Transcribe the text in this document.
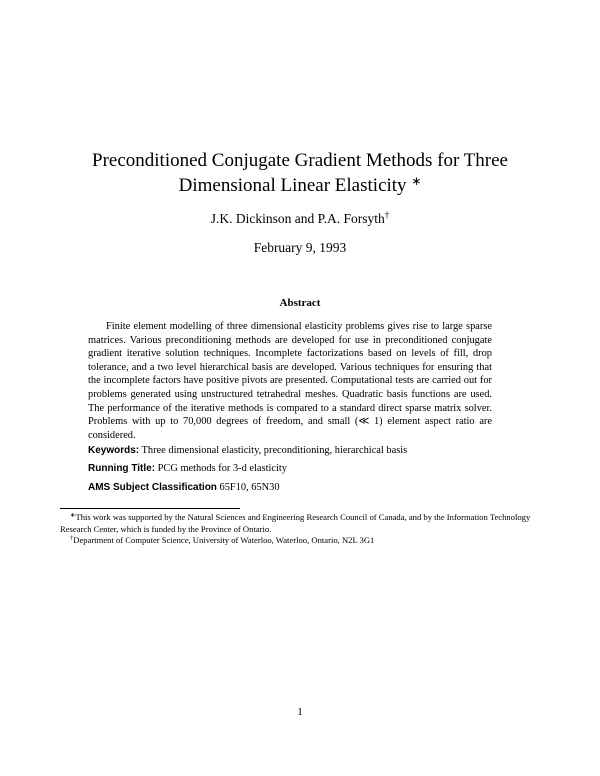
Preconditioned Conjugate Gradient Methods for Three
Dimensional Linear Elasticity ∗
J.K. Dickinson and P.A. Forsyth†
February 9, 1993
Abstract

Finite element modelling of three dimensional elasticity problems gives rise to large sparse matrices. Various preconditioning methods are developed for use in preconditioned conjugate gradient iterative solution techniques. Incomplete factorizations based on levels of fill, drop tolerance, and a two level hierarchical basis are developed. Various techniques for ensuring that the incomplete factors have positive pivots are presented. Computational tests are carried out for problems generated using unstructured tetrahedral meshes. Quadratic basis functions are used. The performance of the iterative methods is compared to a standard direct sparse matrix solver. Problems with up to 70,000 degrees of freedom, and small (≪ 1) element aspect ratio are considered.

Keywords: Three dimensional elasticity, preconditioning, hierarchical basis
Running Title: PCG methods for 3-d elasticity
AMS Subject Classification 65F10, 65N30

∗This work was supported by the Natural Sciences and Engineering Research Council of Canada, and by the Information Technology Research Center, which is funded by the Province of Ontario.

†Department of Computer Science, University of Waterloo, Waterloo, Ontario, N2L 3G1

1
